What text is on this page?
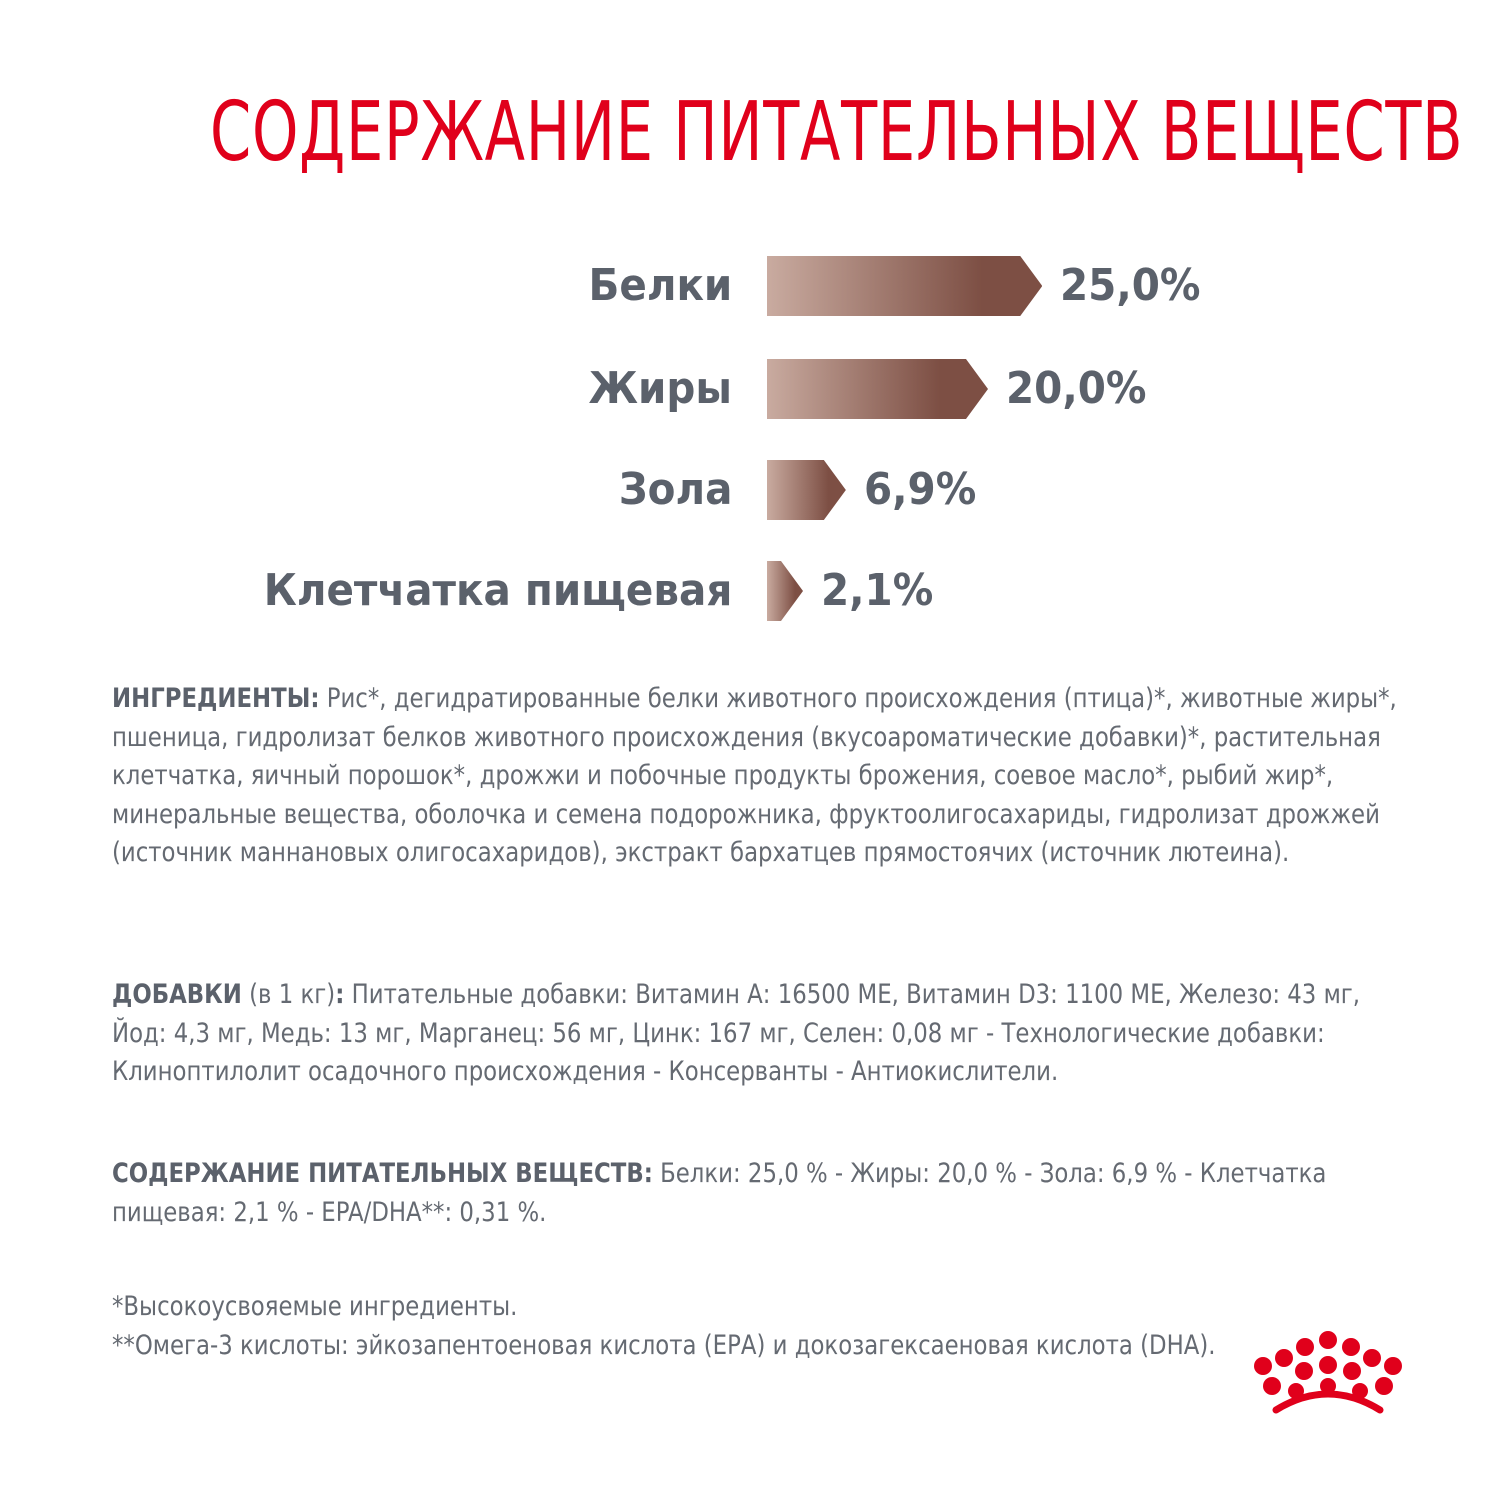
СОДЕРЖАНИЕ ПИТАТЕЛЬНЫХ ВЕЩЕСТВ
Белки	25,0%
Жиры	20,0%
Зола	6,9%
Клетчатка пищевая 2,1%

ИНГРЕДИЕНТЫ: Рис*, дегидратированные белки животного происхождения (птица)*, животные жиры*, пшеница, гидролизат белков животного происхождения (вкусоароматические добавки)*, растительная клетчатка, яичный порошок*, дрожжи и побочные продукты брожения, соевое масло*, рыбий жир*, минеральные вещества, оболочка и семена подорожника, фруктоолигосахариды, гидролизат дрожжей (источник маннановых олигосахаридов), экстракт бархатцев прямостоячих (источник лютеина).

ДОБАВКИ (в 1 кг): Питательные добавки: Витамин А: 16500 МЕ, Витамин D3: 1100 МЕ, Железо: 43 мг, Йод: 4,3 мг, Медь: 13 мг, Марганец: 56 мг, Цинк: 167 мг, Селен: 0,08 мг - Технологические добавки: Клиноптилолит осадочного происхождения - Консерванты - Антиокислители.

СОДЕРЖАНИЕ ПИТАТЕЛЬНЫХ ВЕЩЕСТВ: Белки: 25,0 % - Жиры: 20,0 % - Зола: 6,9 % - Клетчатка пищевая: 2,1 % - EPA/DHA**: 0,31 %.

*Высокоусвояемые ингредиенты.
**Омега-3 кислоты: эйкозапентоеновая кислота (ЕРА) и докозагексаеновая кислота (DHA).
